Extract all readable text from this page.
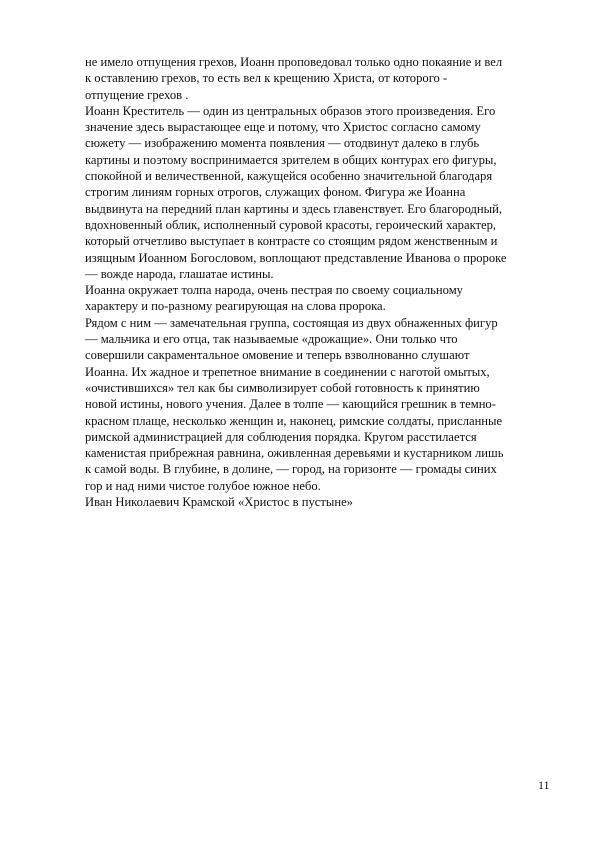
не имело отпущения грехов, Иоанн проповедовал только одно покаяние и вел
к оставлению грехов, то есть вел к крещению Христа, от которого -
отпущение грехов .
Иоанн Креститель — один из центральных образов этого произведения. Его
значение здесь вырастающее еще и потому, что Христос согласно самому
сюжету — изображению момента появления — отодвинут далеко в глубь
картины и поэтому воспринимается зрителем в общих контурах его фигуры,
спокойной и величественной, кажущейся особенно значительной благодаря
строгим линиям горных отрогов, служащих фоном. Фигура же Иоанна
выдвинута на передний план картины и здесь главенствует. Его благородный,
вдохновенный облик, исполненный суровой красоты, героический характер,
который отчетливо выступает в контрасте со стоящим рядом женственным и
изящным Иоанном Богословом, воплощают представление Иванова о пророке
— вожде народа, глашатае истины.
Иоанна окружает толпа народа, очень пестрая по своему социальному
характеру и по-разному реагирующая на слова пророка.
Рядом с ним — замечательная группа, состоящая из двух обнаженных фигур
— мальчика и его отца, так называемые «дрожащие». Они только что
совершили сакраментальное омовение и теперь взволнованно слушают
Иоанна. Их жадное и трепетное внимание в соединении с наготой омытых,
«очистившихся» тел как бы символизирует собой готовность к принятию
новой истины, нового учения. Далее в толпе — кающийся грешник в темно-
красном плаще, несколько женщин и, наконец, римские солдаты, присланные
римской администрацией для соблюдения порядка. Кругом расстилается
каменистая прибрежная равнина, оживленная деревьями и кустарником лишь
к самой воды. В глубине, в долине, — город, на горизонте — громады синих
гор и над ними чистое голубое южное небо.
Иван Николаевич Крамской «Христос в пустыне»
11
